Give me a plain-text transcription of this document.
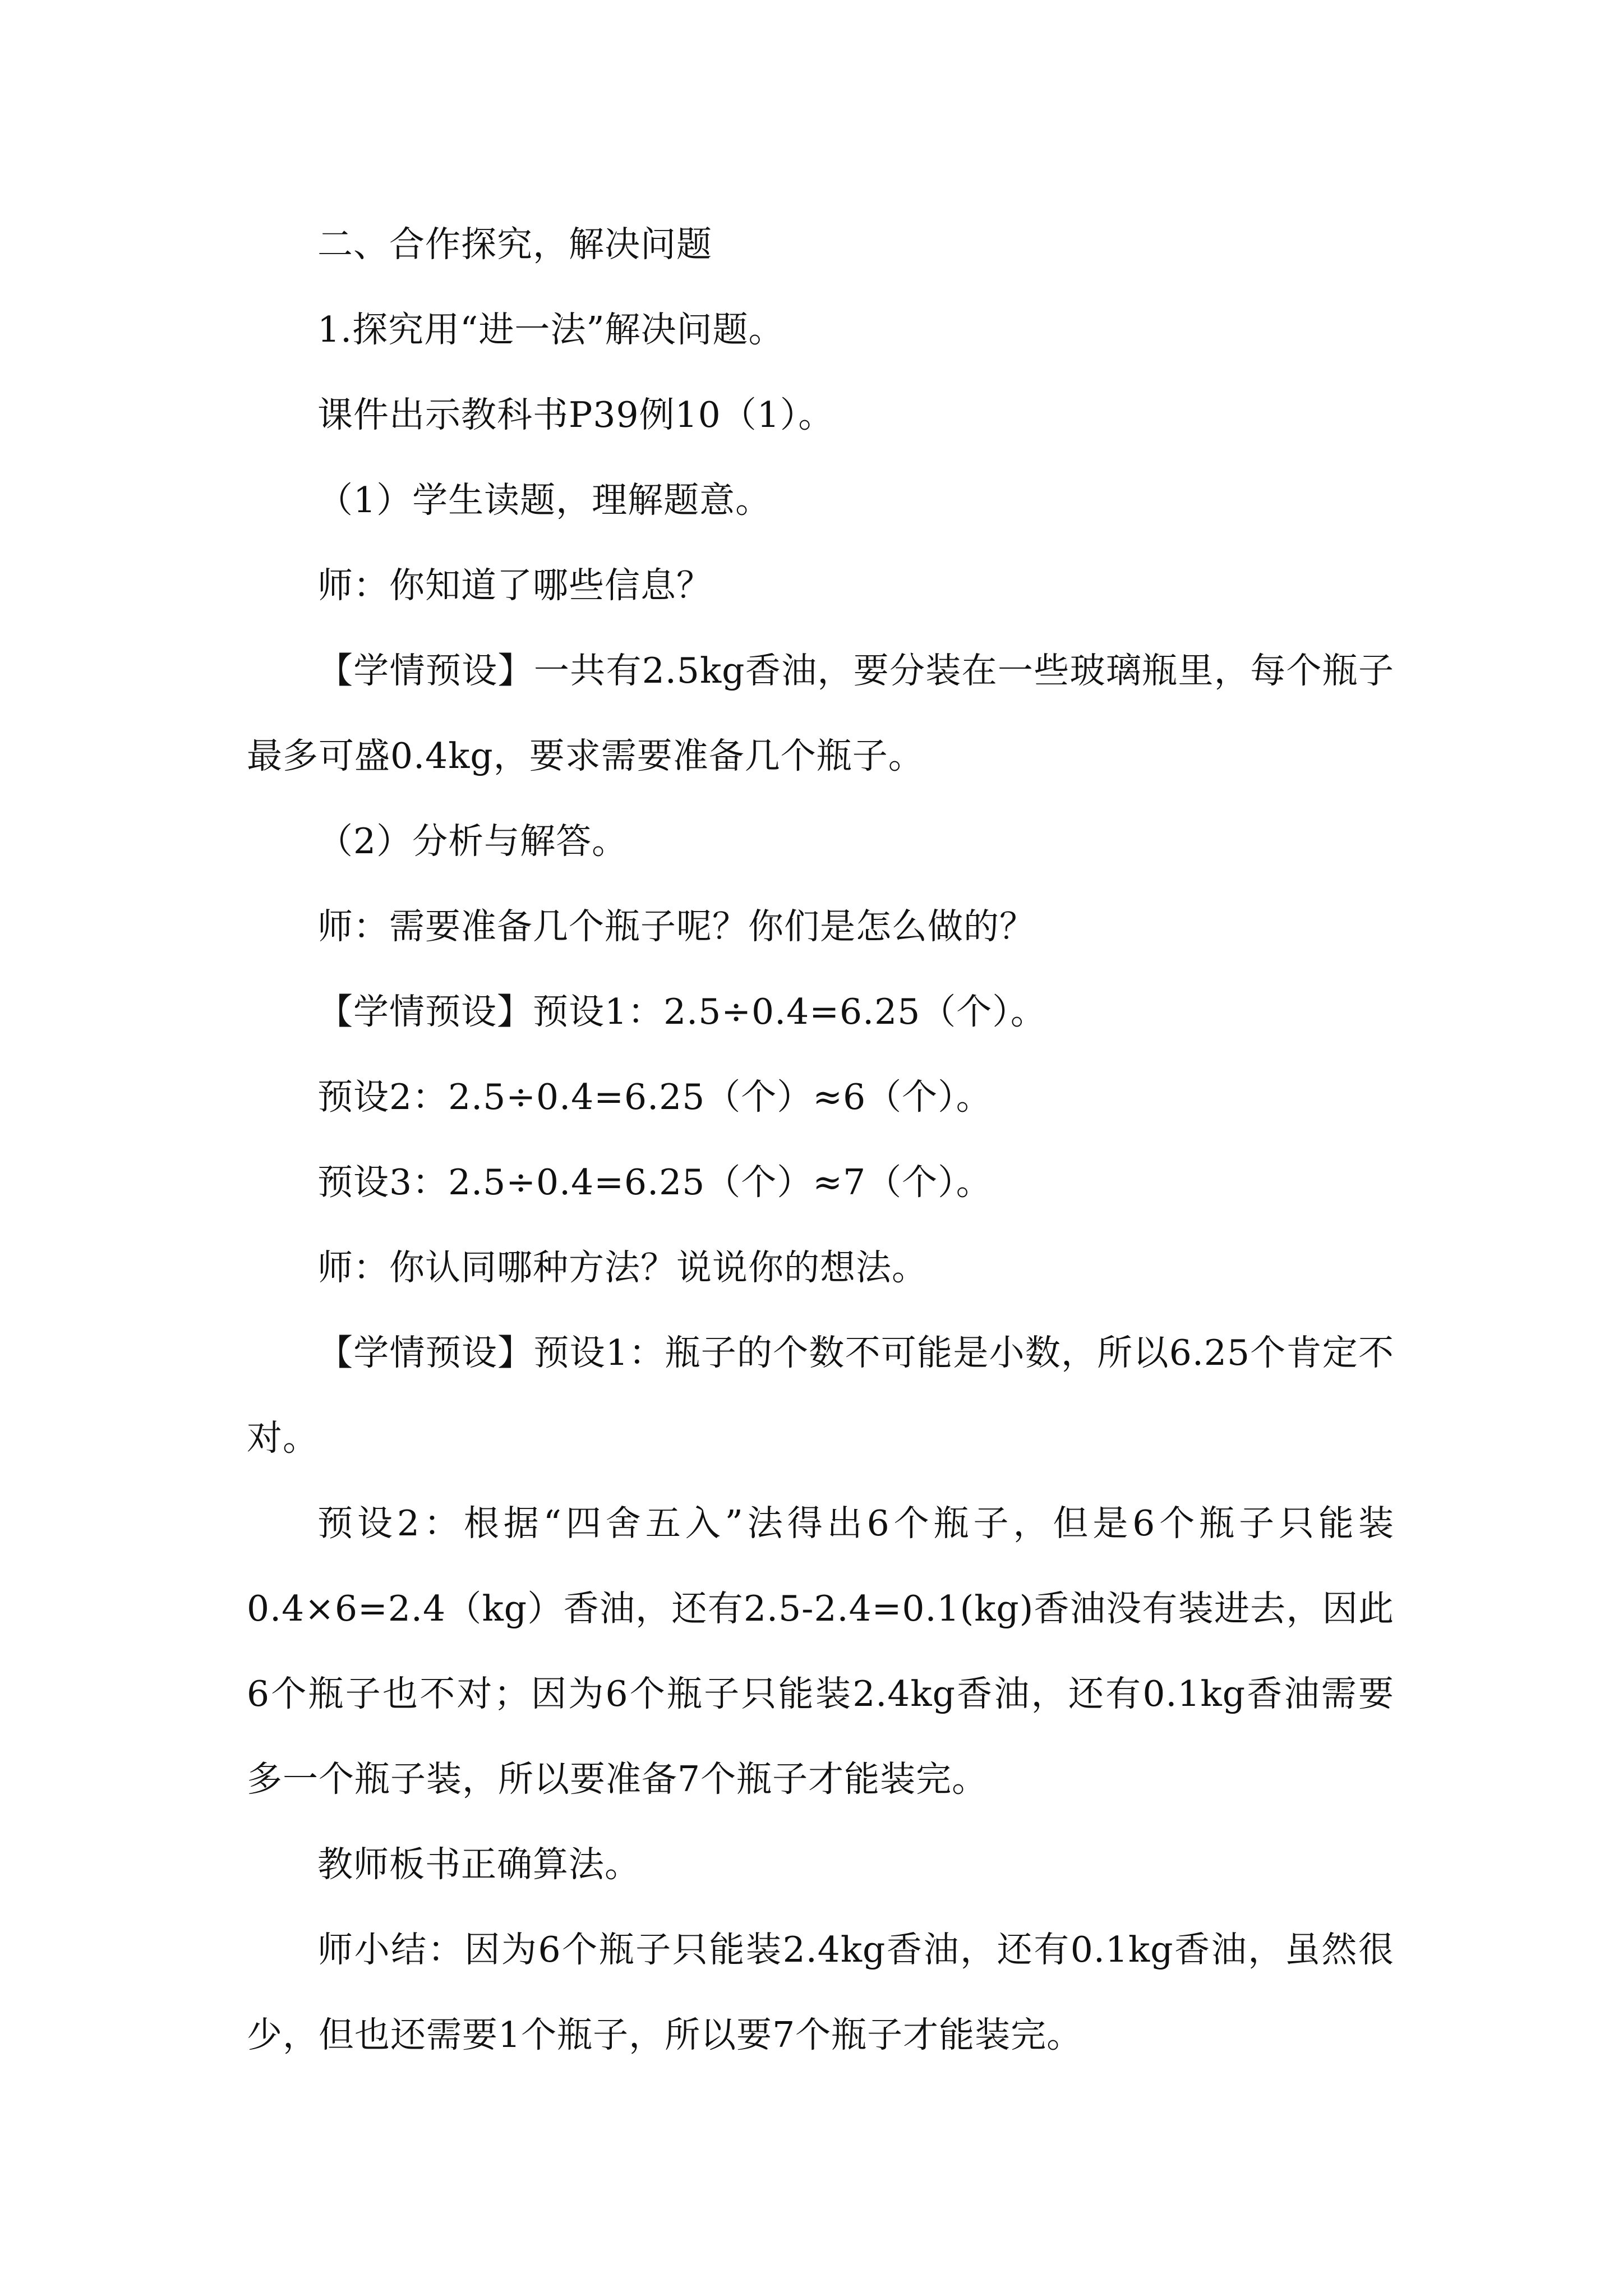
二、合作探究，解决问题

1.探究用“进一法”解决问题。

课件出示教科书P39例10（1）。

（1）学生读题，理解题意。

师：你知道了哪些信息？

【学情预设】一共有2.5kg香油，要分装在一些玻璃瓶里，每个瓶子最多可盛0.4kg，要求需要准备几个瓶子。

（2）分析与解答。

师：需要准备几个瓶子呢？你们是怎么做的？

【学情预设】预设1：2.5÷0.4=6.25（个）。

预设2：2.5÷0.4=6.25（个）≈6（个）。

预设3：2.5÷0.4=6.25（个）≈7（个）。

师：你认同哪种方法？说说你的想法。

【学情预设】预设1：瓶子的个数不可能是小数，所以6.25个肯定不对。

预设2：根据“四舍五入”法得出6个瓶子，但是6个瓶子只能装0.4×6=2.4（kg）香油，还有2.5-2.4=0.1(kg)香油没有装进去，因此6个瓶子也不对；因为6个瓶子只能装2.4kg香油，还有0.1kg香油需要多一个瓶子装，所以要准备7个瓶子才能装完。

教师板书正确算法。

师小结：因为6个瓶子只能装2.4kg香油，还有0.1kg香油，虽然很少，但也还需要1个瓶子，所以要7个瓶子才能装完。
